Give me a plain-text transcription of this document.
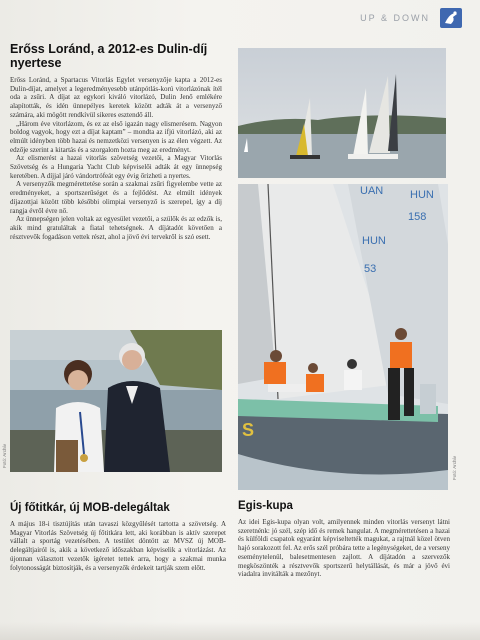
UP & DOWN
Erőss Loránd, a 2012-es Dulin-díj nyertese

Erőss Loránd, a Spartacus Vitorlás Egylet versenyzője kapta a 2012-es Dulin-díjat, amelyet a legeredményesebb utánpótlás-korú vitorlázónak ítél oda a zsűri. A díjat az egykori kiváló vitorlázó, Dulin Jenő emlékére alapították, és idén ünnepélyes keretek között adták át a versenyző számára, aki mögött rendkívül sikeres esztendő áll.

„Három éve vitorlázom, és ez az első igazán nagy elismerésem. Nagyon boldog vagyok, hogy ezt a díjat kaptam” – mondta az ifjú vitorlázó, aki az elmúlt idényben több hazai és nemzetközi versenyen is az élen végzett. Az edzője szerint a kitartás és a szorgalom hozta meg az eredményt.

Az elismerést a hazai vitorlás szövetség vezetői, a Magyar Vitorlás Szövetség és a Hungaria Yacht Club képviselői adták át egy ünnepség keretében. A díjjal járó vándortrófeát egy évig őrizheti a nyertes.

A versenyzők megmérettetése során a szakmai zsűri figyelembe vette az eredményeket, a sportszerűséget és a fejlődést. Az elmúlt idények díjazottjai között több későbbi olimpiai versenyző is szerepel, így a díj rangja évről évre nő.

Az ünnepségen jelen voltak az egyesület vezetői, a szülők és az edzők is, akik mind gratuláltak a fiatal tehetségnek. A díjátadót követően a résztvevők fogadáson vettek részt, ahol a jövő évi tervekről is szó esett.

UAN HUN
158
HUN
53
S
Fotó: Archív
Fotó: Archív
Új főtitkár, új MOB-delegáltak

A május 18-i tisztújítás után tavaszi közgyűlését tartotta a szövetség. A Magyar Vitorlás Szövetség új főtitkára lett, aki korábban is aktív szerepet vállalt a sportág vezetésében. A testület döntött az MVSZ új MOB-delegáltjairól is, akik a következő időszakban képviselik a vitorlázást. Az újonnan választott vezetők ígéretet tettek arra, hogy a szakmai munka folytonosságát biztosítják, és a versenyzők érdekeit tartják szem előtt.

Egis-kupa

Az idei Egis-kupa olyan volt, amilyennek minden vitorlás versenyt látni szeretnénk: jó szél, szép idő és remek hangulat. A megmérettetésen a hazai és külföldi csapatok egyaránt képviseltették magukat, a rajtnál közel ötven hajó sorakozott fel. Az erős szél próbára tette a legénységeket, de a verseny eseménytelenül, balesetmentesen zajlott. A díjátadón a szervezők megköszönték a résztvevők sportszerű helytállását, és már a jövő évi viadalra invitálták a mezőnyt.
